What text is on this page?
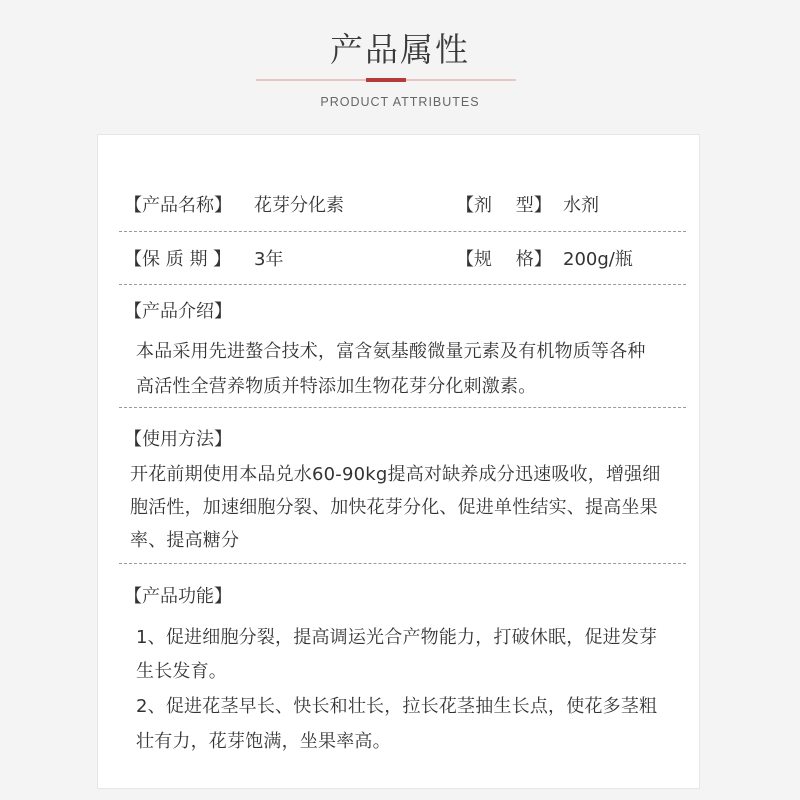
产品属性
PRODUCT ATTRIBUTES
【产品名称】 花芽分化素	【剂　 型】 水剂
【保 质 期 】 3年	【规　 格】 200g/瓶
【产品介绍】
本品采用先进螯合技术，富含氨基酸微量元素及有机物质等各种
高活性全营养物质并特添加生物花芽分化刺激素。
【使用方法】
开花前期使用本品兑水60-90kg提高对缺养成分迅速吸收，增强细
胞活性，加速细胞分裂、加快花芽分化、促进单性结实、提高坐果
率、提高糖分
【产品功能】
1、促进细胞分裂，提高调运光合产物能力，打破休眠，促进发芽
生长发育。
2、促进花茎早长、快长和壮长，拉长花茎抽生长点，使花多茎粗
壮有力，花芽饱满，坐果率高。
